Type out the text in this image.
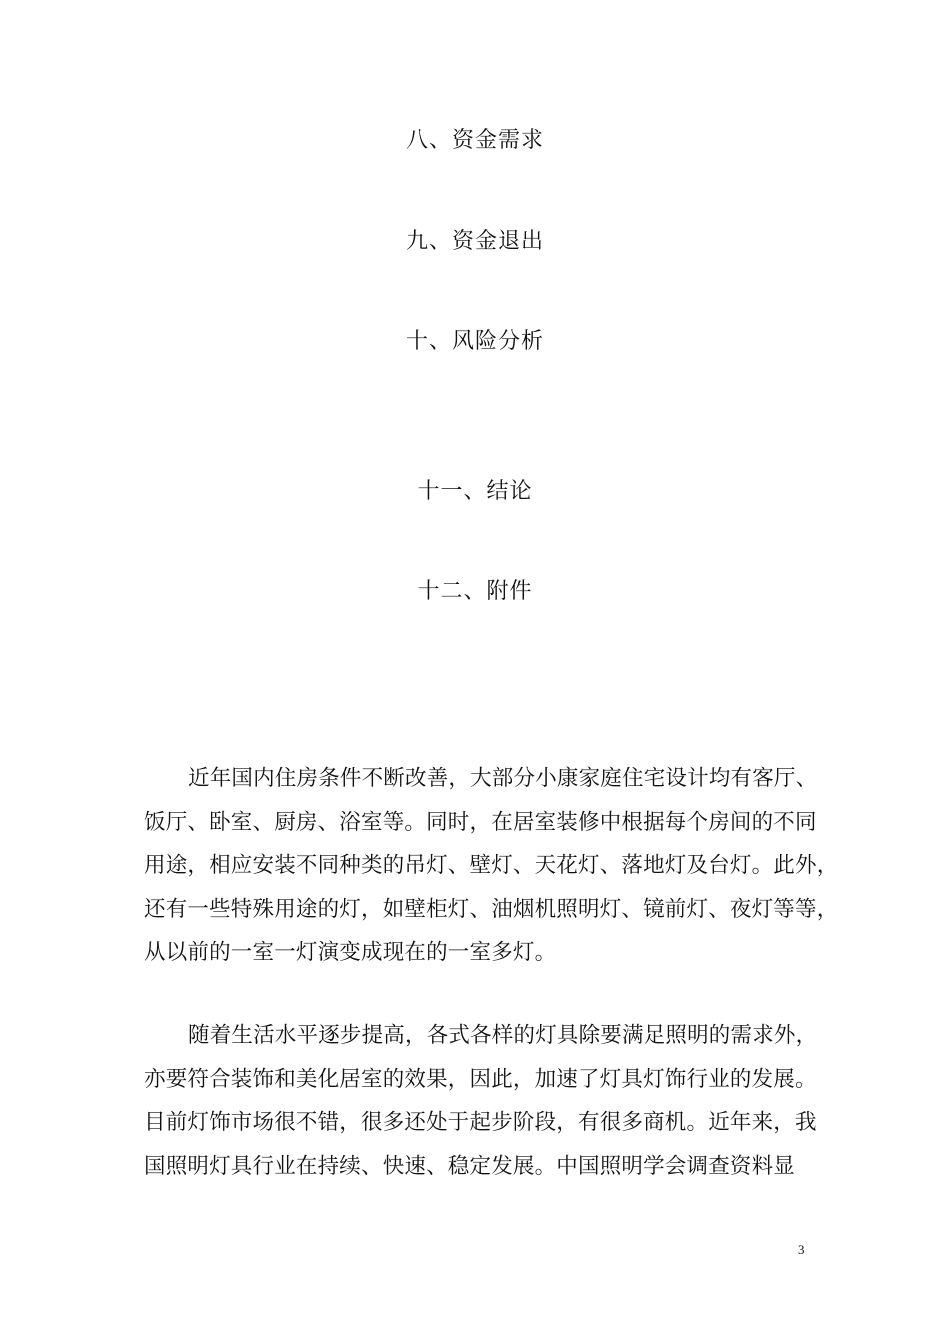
八、资金需求
九、资金退出
十、风险分析
十一、结论
十二、附件
近年国内住房条件不断改善，大部分小康家庭住宅设计均有客厅、
饭厅、卧室、厨房、浴室等。同时，在居室装修中根据每个房间的不同
用途，相应安装不同种类的吊灯、壁灯、天花灯、落地灯及台灯。此外，
还有一些特殊用途的灯，如壁柜灯、油烟机照明灯、镜前灯、夜灯等等，
从以前的一室一灯演变成现在的一室多灯。
随着生活水平逐步提高，各式各样的灯具除要满足照明的需求外，
亦要符合装饰和美化居室的效果，因此，加速了灯具灯饰行业的发展。
目前灯饰市场很不错，很多还处于起步阶段，有很多商机。近年来，我
国照明灯具行业在持续、快速、稳定发展。中国照明学会调查资料显
3
